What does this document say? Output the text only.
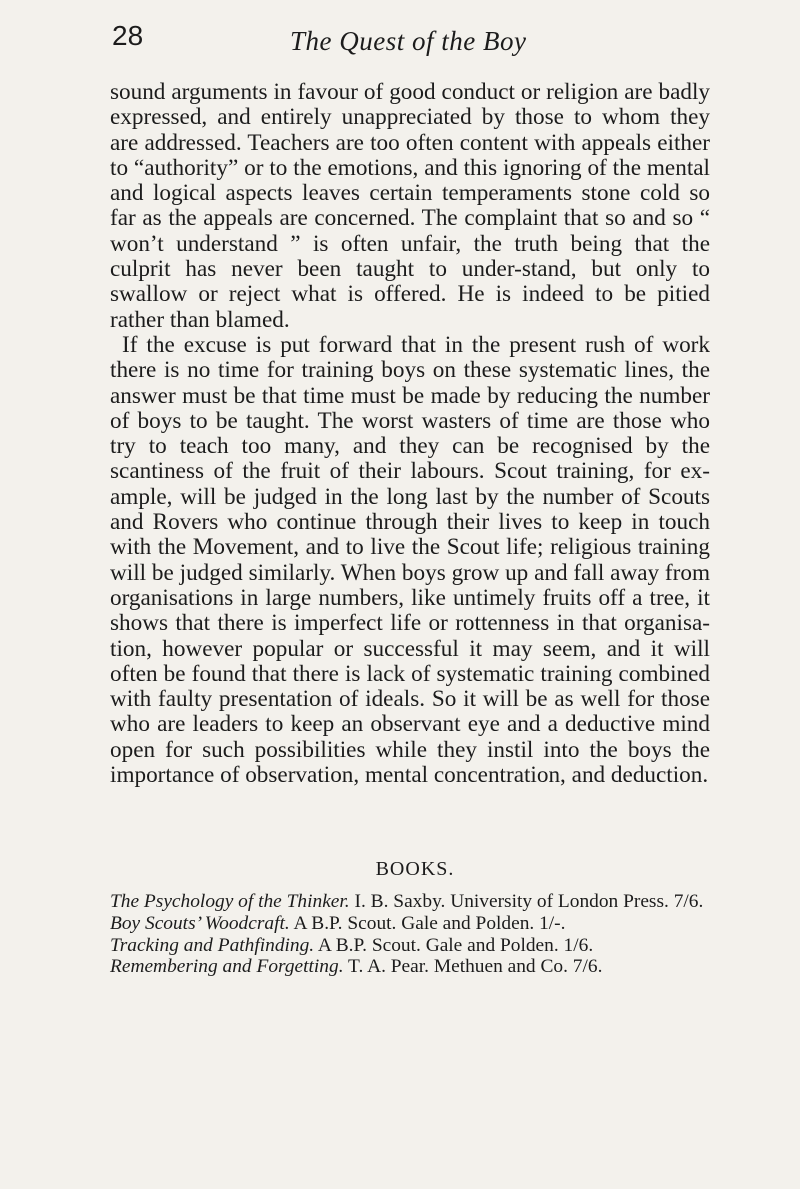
28	The Quest of the Boy

sound arguments in favour of good conduct or religion are badly expressed, and entirely unappreciated by those to whom they are addressed. Teachers are too often content with appeals either to “authority” or to the emotions, and this ignoring of the mental and logical aspects leaves certain temperaments stone cold so far as the appeals are concerned. The complaint that so and so “ won’t understand ” is often unfair, the truth being that the culprit has never been taught to under-stand, but only to swallow or reject what is offered. He is indeed to be pitied rather than blamed.

If the excuse is put forward that in the present rush of work there is no time for training boys on these systematic lines, the answer must be that time must be made by reducing the number of boys to be taught. The worst wasters of time are those who try to teach too many, and they can be recognised by the scantiness of the fruit of their labours. Scout training, for ex-ample, will be judged in the long last by the number of Scouts and Rovers who continue through their lives to keep in touch with the Movement, and to live the Scout life; religious training will be judged similarly. When boys grow up and fall away from organisations in large numbers, like untimely fruits off a tree, it shows that there is imperfect life or rottenness in that organisa-tion, however popular or successful it may seem, and it will often be found that there is lack of systematic training combined with faulty presentation of ideals. So it will be as well for those who are leaders to keep an observant eye and a deductive mind open for such possibilities while they instil into the boys the importance of observation, mental concentration, and deduction.

BOOKS.

The Psychology of the Thinker. I. B. Saxby. University of London Press. 7/6.

Boy Scouts’ Woodcraft. A B.P. Scout. Gale and Polden. 1/-.

Tracking and Pathfinding. A B.P. Scout. Gale and Polden. 1/6.

Remembering and Forgetting. T. A. Pear. Methuen and Co. 7/6.
